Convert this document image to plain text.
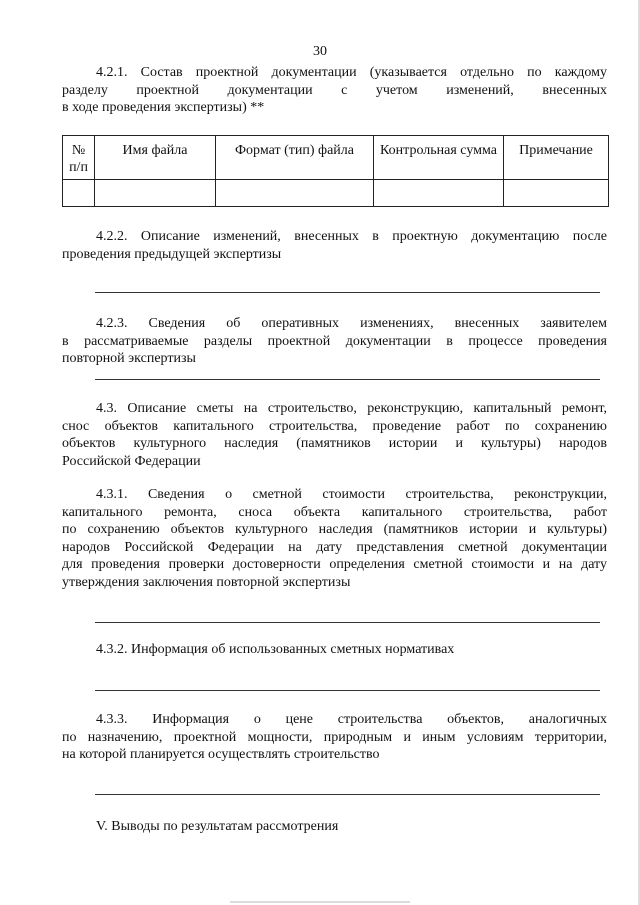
30
4.2.1. Состав проектной документации (указывается отдельно по каждому
разделу проектной документации с учетом изменений, внесенных
в ходе проведения экспертизы) **
№ п/п	Имя файла	Формат (тип) файла	Контрольная сумма	Примечание

4.2.2. Описание изменений, внесенных в проектную документацию после
проведения предыдущей экспертизы
4.2.3. Сведения об оперативных изменениях, внесенных заявителем
в рассматриваемые разделы проектной документации в процессе проведения
повторной экспертизы
4.3. Описание сметы на строительство, реконструкцию, капитальный ремонт,
снос объектов капитального строительства, проведение работ по сохранению
объектов культурного наследия (памятников истории и культуры) народов
Российской Федерации
4.3.1. Сведения о сметной стоимости строительства, реконструкции,
капитального ремонта, сноса объекта капитального строительства, работ
по сохранению объектов культурного наследия (памятников истории и культуры)
народов Российской Федерации на дату представления сметной документации
для проведения проверки достоверности определения сметной стоимости и на дату
утверждения заключения повторной экспертизы
4.3.2. Информация об использованных сметных нормативах
4.3.3. Информация о цене строительства объектов, аналогичных
по назначению, проектной мощности, природным и иным условиям территории,
на которой планируется осуществлять строительство
V. Выводы по результатам рассмотрения
